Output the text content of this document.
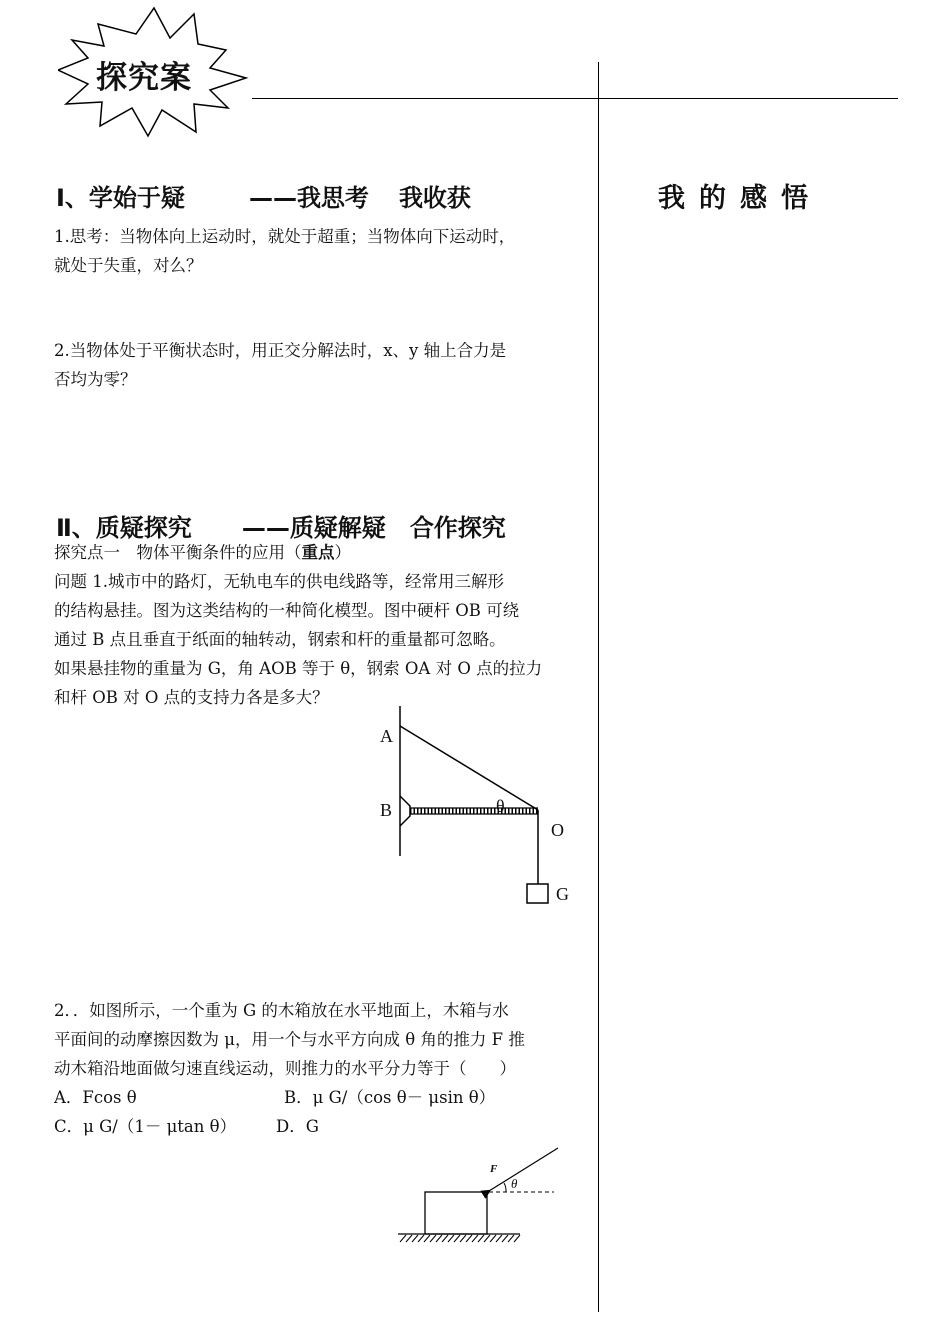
探究案
我的感悟
Ⅰ、学始于疑	——我思考 我收获
1.思考：当物体向上运动时，就处于超重；当物体向下运动时，
就处于失重，对么？
2.当物体处于平衡状态时，用正交分解法时，x、y 轴上合力是
否均为零？
Ⅱ、质疑探究 ——质疑解疑 合作探究
探究点一　物体平衡条件的应用（重点）
问题 1.城市中的路灯，无轨电车的供电线路等，经常用三解形
的结构悬挂。图为这类结构的一种简化模型。图中硬杆 OB 可绕
通过 B 点且垂直于纸面的轴转动，钢索和杆的重量都可忽略。
如果悬挂物的重量为 G，角 AOB 等于 θ，钢索 OA 对 O 点的拉力
和杆 OB 对 O 点的支持力各是多大？
A
B	θ
O
G
2．．如图所示，一个重为 G 的木箱放在水平地面上，木箱与水
平面间的动摩擦因数为 μ，用一个与水平方向成 θ 角的推力 F 推
动木箱沿地面做匀速直线运动，则推力的水平分力等于（　　）
A．Fcos θ	B．μ G/（cos θ－ μsin θ）
C．μ G/（1－ μtan θ） D．G
F
θ
